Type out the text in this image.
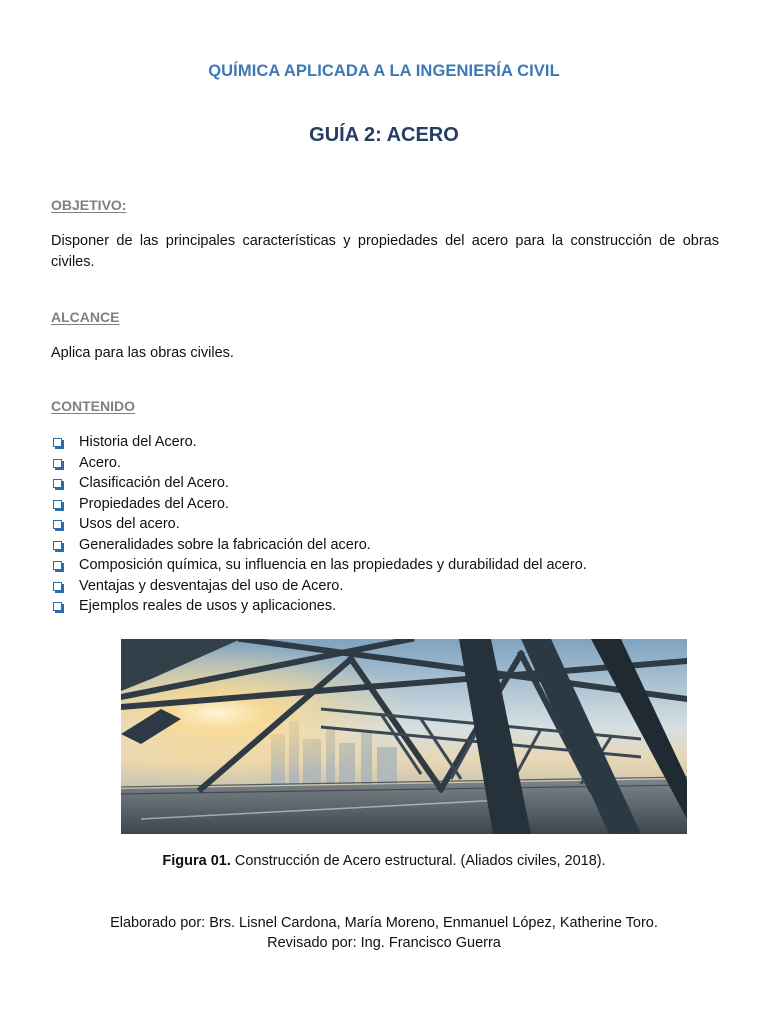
QUÍMICA APLICADA A LA INGENIERÍA CIVIL
GUÍA 2: ACERO
OBJETIVO:
Disponer de las principales características y propiedades del acero para la construcción de obras civiles.
ALCANCE
Aplica para las obras civiles.
CONTENIDO
Historia del Acero.
Acero.
Clasificación del Acero.
Propiedades del Acero.
Usos del acero.
Generalidades sobre la fabricación del acero.
Composición química, su influencia en las propiedades y durabilidad del acero.
Ventajas y desventajas del uso de Acero.
Ejemplos reales de usos y aplicaciones.
Figura 01. Construcción de Acero estructural. (Aliados civiles, 2018).
Elaborado por: Brs. Lisnel Cardona, María Moreno, Enmanuel López, Katherine Toro.
Revisado por: Ing. Francisco Guerra
